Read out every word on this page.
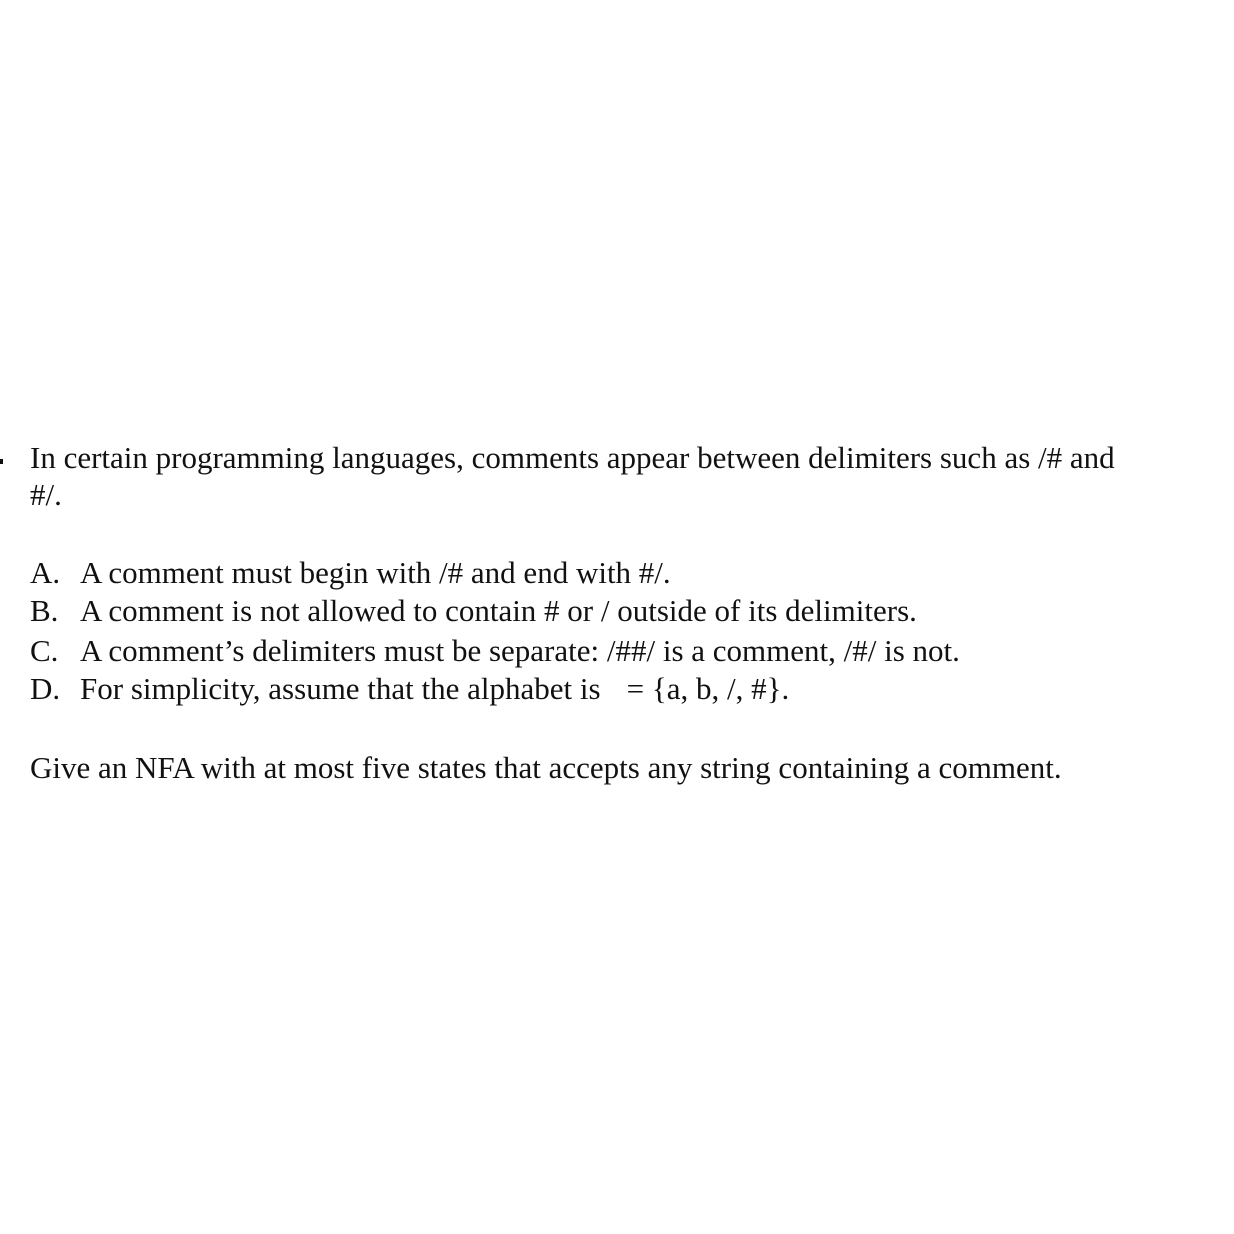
In certain programming languages, comments appear between delimiters such as /# and
#/.
A. A comment must begin with /# and end with #/.
B. A comment is not allowed to contain # or / outside of its delimiters.
C. A comment’s delimiters must be separate: /##/ is a comment, /#/ is not.
D. For simplicity, assume that the alphabet is = {a, b, /, #}.
Give an NFA with at most five states that accepts any string containing a comment.
